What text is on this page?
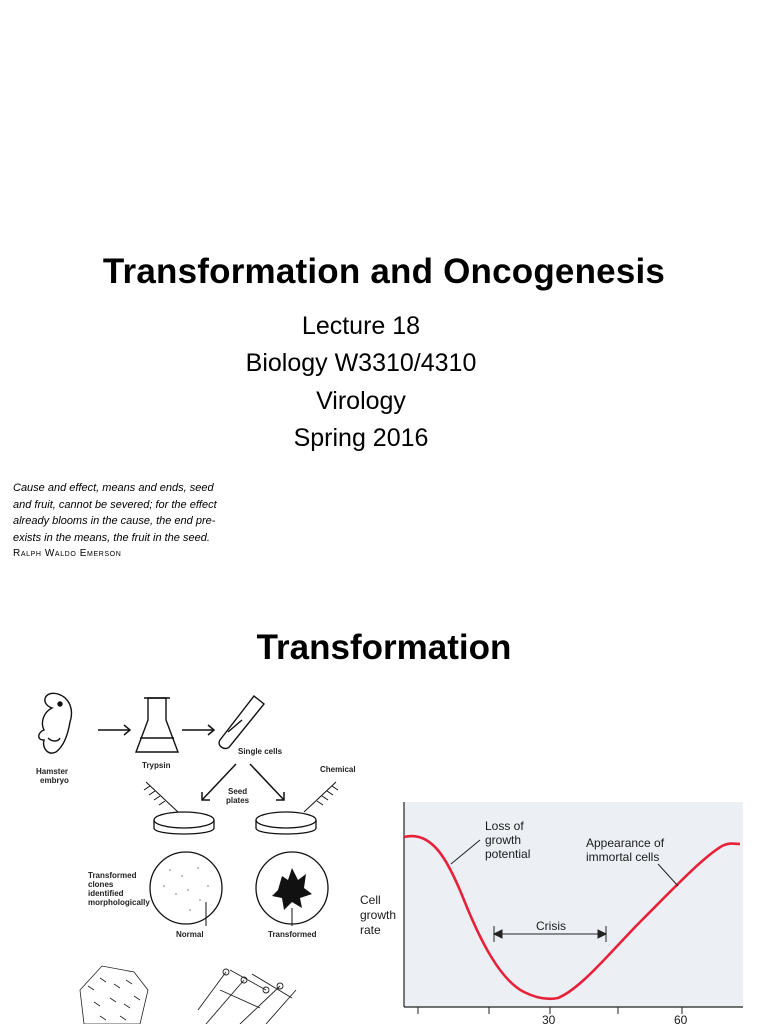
Transformation and Oncogenesis
Lecture 18
Biology W3310/4310
Virology
Spring 2016
Cause and effect, means and ends, seed
and fruit, cannot be severed; for the effect
already blooms in the cause, the end pre-
exists in the means, the fruit in the seed.
Ralph Waldo Emerson
Transformation
Hamster
embryo
Trypsin
Single cells
Seed
plates
Chemical
Transformed
clones
identified
morphologically
Normal	Transformed
30	60
Loss of
growth
potential
Appearance of
immortal cells
Crisis
Cell
growth
rate
